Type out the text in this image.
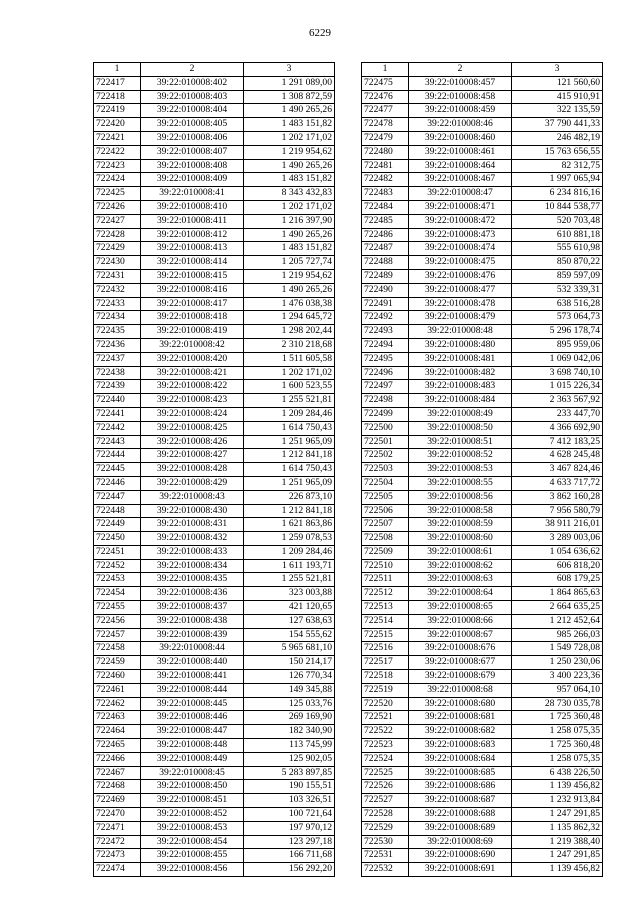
6229
1	2	3
722417	39:22:010008:402	1 291 089,00
722418	39:22:010008:403	1 308 872,59
722419	39:22:010008:404	1 490 265,26
722420	39:22:010008:405	1 483 151,82
722421	39:22:010008:406	1 202 171,02
722422	39:22:010008:407	1 219 954,62
722423	39:22:010008:408	1 490 265,26
722424	39:22:010008:409	1 483 151,82
722425	39:22:010008:41	8 343 432,83
722426	39:22:010008:410	1 202 171,02
722427	39:22:010008:411	1 216 397,90
722428	39:22:010008:412	1 490 265,26
722429	39:22:010008:413	1 483 151,82
722430	39:22:010008:414	1 205 727,74
722431	39:22:010008:415	1 219 954,62
722432	39:22:010008:416	1 490 265,26
722433	39:22:010008:417	1 476 038,38
722434	39:22:010008:418	1 294 645,72
722435	39:22:010008:419	1 298 202,44
722436	39:22:010008:42	2 310 218,68
722437	39:22:010008:420	1 511 605,58
722438	39:22:010008:421	1 202 171,02
722439	39:22:010008:422	1 600 523,55
722440	39:22:010008:423	1 255 521,81
722441	39:22:010008:424	1 209 284,46
722442	39:22:010008:425	1 614 750,43
722443	39:22:010008:426	1 251 965,09
722444	39:22:010008:427	1 212 841,18
722445	39:22:010008:428	1 614 750,43
722446	39:22:010008:429	1 251 965,09
722447	39:22:010008:43	226 873,10
722448	39:22:010008:430	1 212 841,18
722449	39:22:010008:431	1 621 863,86
722450	39:22:010008:432	1 259 078,53
722451	39:22:010008:433	1 209 284,46
722452	39:22:010008:434	1 611 193,71
722453	39:22:010008:435	1 255 521,81
722454	39:22:010008:436	323 003,88
722455	39:22:010008:437	421 120,65
722456	39:22:010008:438	127 638,63
722457	39:22:010008:439	154 555,62
722458	39:22:010008:44	5 965 681,10
722459	39:22:010008:440	150 214,17
722460	39:22:010008:441	126 770,34
722461	39:22:010008:444	149 345,88
722462	39:22:010008:445	125 033,76
722463	39:22:010008:446	269 169,90
722464	39:22:010008:447	182 340,90
722465	39:22:010008:448	113 745,99
722466	39:22:010008:449	125 902,05
722467	39:22:010008:45	5 283 897,85
722468	39:22:010008:450	190 155,51
722469	39:22:010008:451	103 326,51
722470	39:22:010008:452	100 721,64
722471	39:22:010008:453	197 970,12
722472	39:22:010008:454	123 297,18
722473	39:22:010008:455	166 711,68
722474	39:22:010008:456	156 292,20
1	2	3
722475	39:22:010008:457	121 560,60
722476	39:22:010008:458	415 910,91
722477	39:22:010008:459	322 135,59
722478	39:22:010008:46	37 790 441,33
722479	39:22:010008:460	246 482,19
722480	39:22:010008:461	15 763 656,55
722481	39:22:010008:464	82 312,75
722482	39:22:010008:467	1 997 065,94
722483	39:22:010008:47	6 234 816,16
722484	39:22:010008:471	10 844 538,77
722485	39:22:010008:472	520 703,48
722486	39:22:010008:473	610 881,18
722487	39:22:010008:474	555 610,98
722488	39:22:010008:475	850 870,22
722489	39:22:010008:476	859 597,09
722490	39:22:010008:477	532 339,31
722491	39:22:010008:478	638 516,28
722492	39:22:010008:479	573 064,73
722493	39:22:010008:48	5 296 178,74
722494	39:22:010008:480	895 959,06
722495	39:22:010008:481	1 069 042,06
722496	39:22:010008:482	3 698 740,10
722497	39:22:010008:483	1 015 226,34
722498	39:22:010008:484	2 363 567,92
722499	39:22:010008:49	233 447,70
722500	39:22:010008:50	4 366 692,90
722501	39:22:010008:51	7 412 183,25
722502	39:22:010008:52	4 628 245,48
722503	39:22:010008:53	3 467 824,46
722504	39:22:010008:55	4 633 717,72
722505	39:22:010008:56	3 862 160,28
722506	39:22:010008:58	7 956 580,79
722507	39:22:010008:59	38 911 216,01
722508	39:22:010008:60	3 289 003,06
722509	39:22:010008:61	1 054 636,62
722510	39:22:010008:62	606 818,20
722511	39:22:010008:63	608 179,25
722512	39:22:010008:64	1 864 865,63
722513	39:22:010008:65	2 664 635,25
722514	39:22:010008:66	1 212 452,64
722515	39:22:010008:67	985 266,03
722516	39:22:010008:676	1 549 728,08
722517	39:22:010008:677	1 250 230,06
722518	39:22:010008:679	3 400 223,36
722519	39:22:010008:68	957 064,10
722520	39:22:010008:680	28 730 035,78
722521	39:22:010008:681	1 725 360,48
722522	39:22:010008:682	1 258 075,35
722523	39:22:010008:683	1 725 360,48
722524	39:22:010008:684	1 258 075,35
722525	39:22:010008:685	6 438 226,50
722526	39:22:010008:686	1 139 456,82
722527	39:22:010008:687	1 232 913,84
722528	39:22:010008:688	1 247 291,85
722529	39:22:010008:689	1 135 862,32
722530	39:22:010008:69	1 219 388,40
722531	39:22:010008:690	1 247 291,85
722532	39:22:010008:691	1 139 456,82
